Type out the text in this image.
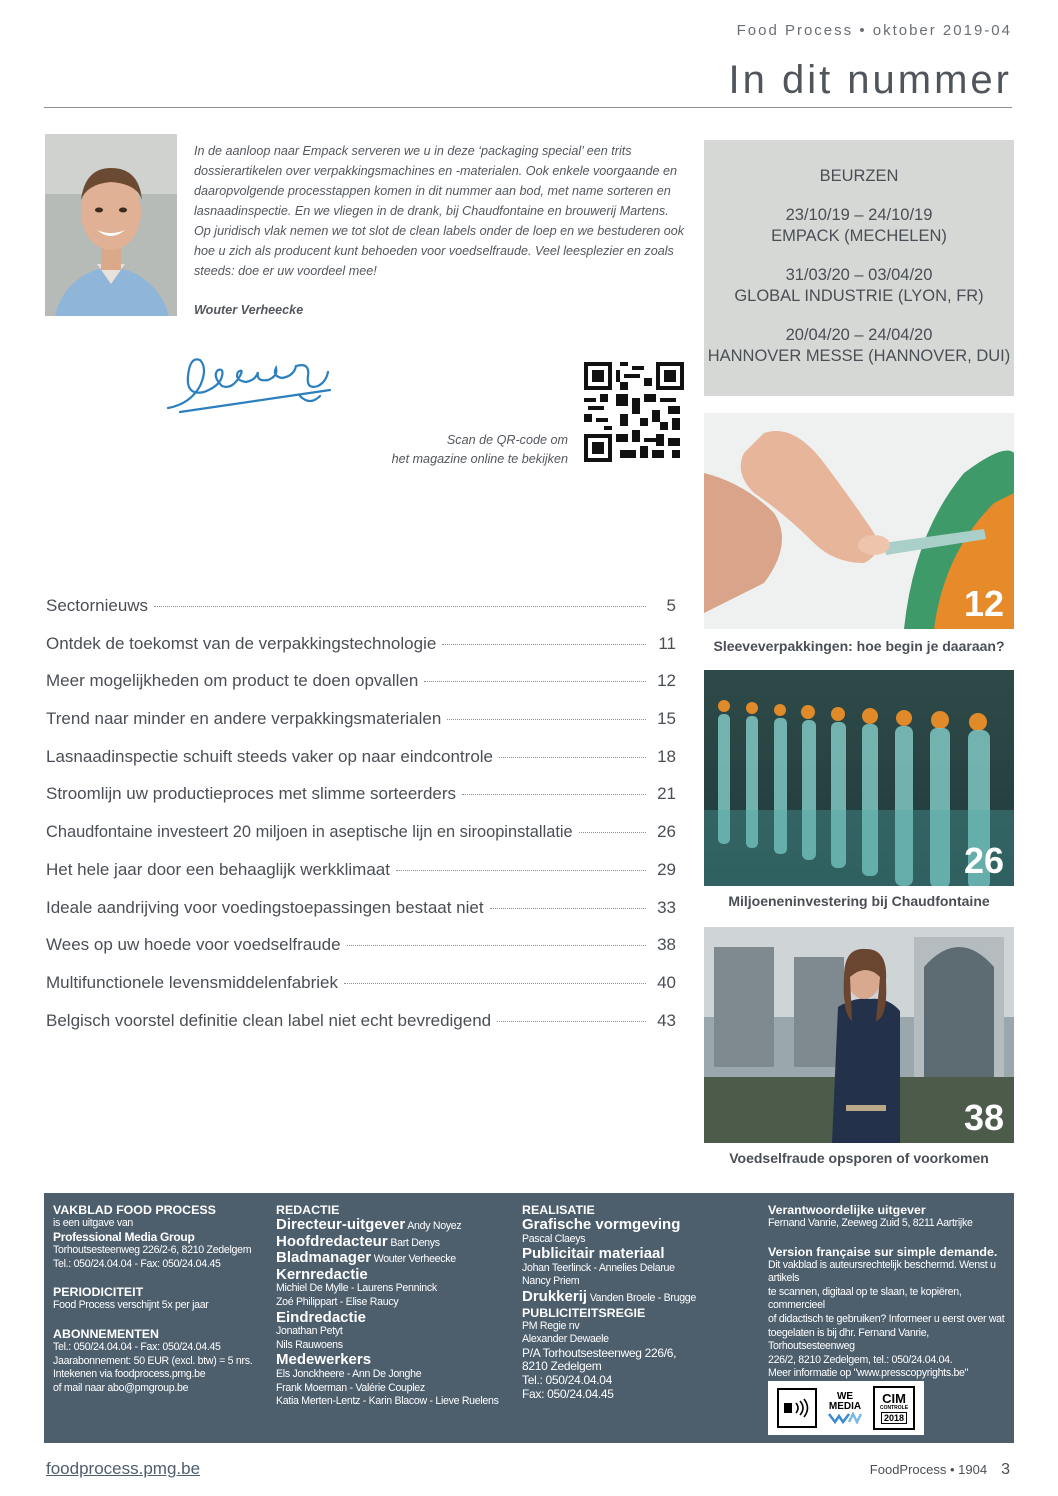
Food Process • oktober 2019-04
In dit nummer

In de aanloop naar Empack serveren we u in deze ‘packaging special’ een trits dossierartikelen over verpakkingsmachines en -materialen. Ook enkele voorgaande en daaropvolgende processtappen komen in dit nummer aan bod, met name sorteren en lasnaadinspectie. En we vliegen in de drank, bij Chaudfontaine en brouwerij Martens. Op juridisch vlak nemen we tot slot de clean labels onder de loep en we bestuderen ook hoe u zich als producent kunt behoeden voor voedselfraude. Veel leesplezier en zoals steeds: doe er uw voordeel mee!

Wouter Verheecke
Scan de QR-code om
het magazine online te bekijken
BEURZEN
23/10/19 – 24/10/19
EMPACK (MECHELEN)
31/03/20 – 03/04/20
GLOBAL INDUSTRIE (LYON, FR)
20/04/20 – 24/04/20
HANNOVER MESSE (HANNOVER, DUI)
12
Sleeveverpakkingen: hoe begin je daaraan?
26
Miljoeneninvestering bij Chaudfontaine
38
Voedselfraude opsporen of voorkomen
Sectornieuws	5
Ontdek de toekomst van de verpakkingstechnologie	11
Meer mogelijkheden om product te doen opvallen	12
Trend naar minder en andere verpakkingsmaterialen	15
Lasnaadinspectie schuift steeds vaker op naar eindcontrole	18
Stroomlijn uw productieproces met slimme sorteerders	21
Chaudfontaine investeert 20 miljoen in aseptische lijn en siroopinstallatie	26
Het hele jaar door een behaaglijk werkklimaat	29
Ideale aandrijving voor voedingstoepassingen bestaat niet	33
Wees op uw hoede voor voedselfraude	38
Multifunctionele levensmiddelenfabriek	40
Belgisch voorstel definitie clean label niet echt bevredigend	43
VAKBLAD FOOD PROCESS
is een uitgave van
Professional Media Group
Torhoutsesteenweg 226/2-6, 8210 Zedelgem
Tel.: 050/24.04.04 - Fax: 050/24.04.45
PERIODICITEIT
Food Process verschijnt 5x per jaar
ABONNEMENTEN
Tel.: 050/24.04.04 - Fax: 050/24.04.45
Jaarabonnement: 50 EUR (excl. btw) = 5 nrs.
Intekenen via foodprocess.pmg.be
of mail naar abo@pmgroup.be
REDACTIE
Directeur-uitgever Andy Noyez
Hoofdredacteur Bart Denys
Bladmanager Wouter Verheecke
Kernredactie
Michiel De Mylle - Laurens Penninck
Zoé Philippart - Elise Raucy
Eindredactie
Jonathan Petyt
Nils Rauwoens
Medewerkers
Els Jonckheere - Ann De Jonghe
Frank Moerman - Valérie Couplez
Katia Merten-Lentz - Karin Blacow - Lieve Ruelens
REALISATIE
Grafische vormgeving
Pascal Claeys
Publicitair materiaal
Johan Teerlinck - Annelies Delarue
Nancy Priem
Drukkerij Vanden Broele - Brugge
PUBLICITEITSREGIE
PM Regie nv
Alexander Dewaele
P/A Torhoutsesteenweg 226/6,
8210 Zedelgem
Tel.: 050/24.04.04
Fax: 050/24.04.45
Verantwoordelijke uitgever
Fernand Vanrie, Zeeweg Zuid 5, 8211 Aartrijke
Version française sur simple demande.
Dit vakblad is auteursrechtelijk beschermd. Wenst u artikels
te scannen, digitaal op te slaan, te kopiëren, commercieel
of didactisch te gebruiken? Informeer u eerst over wat
toegelaten is bij dhr. Fernand Vanrie, Torhoutsesteenweg
226/2, 8210 Zedelgem, tel.: 050/24.04.04.
Meer informatie op "www.presscopyrights.be"
WE MEDIA
CIM
CONTROLE
2018
foodprocess.pmg.be	FoodProcess • 1904 3
